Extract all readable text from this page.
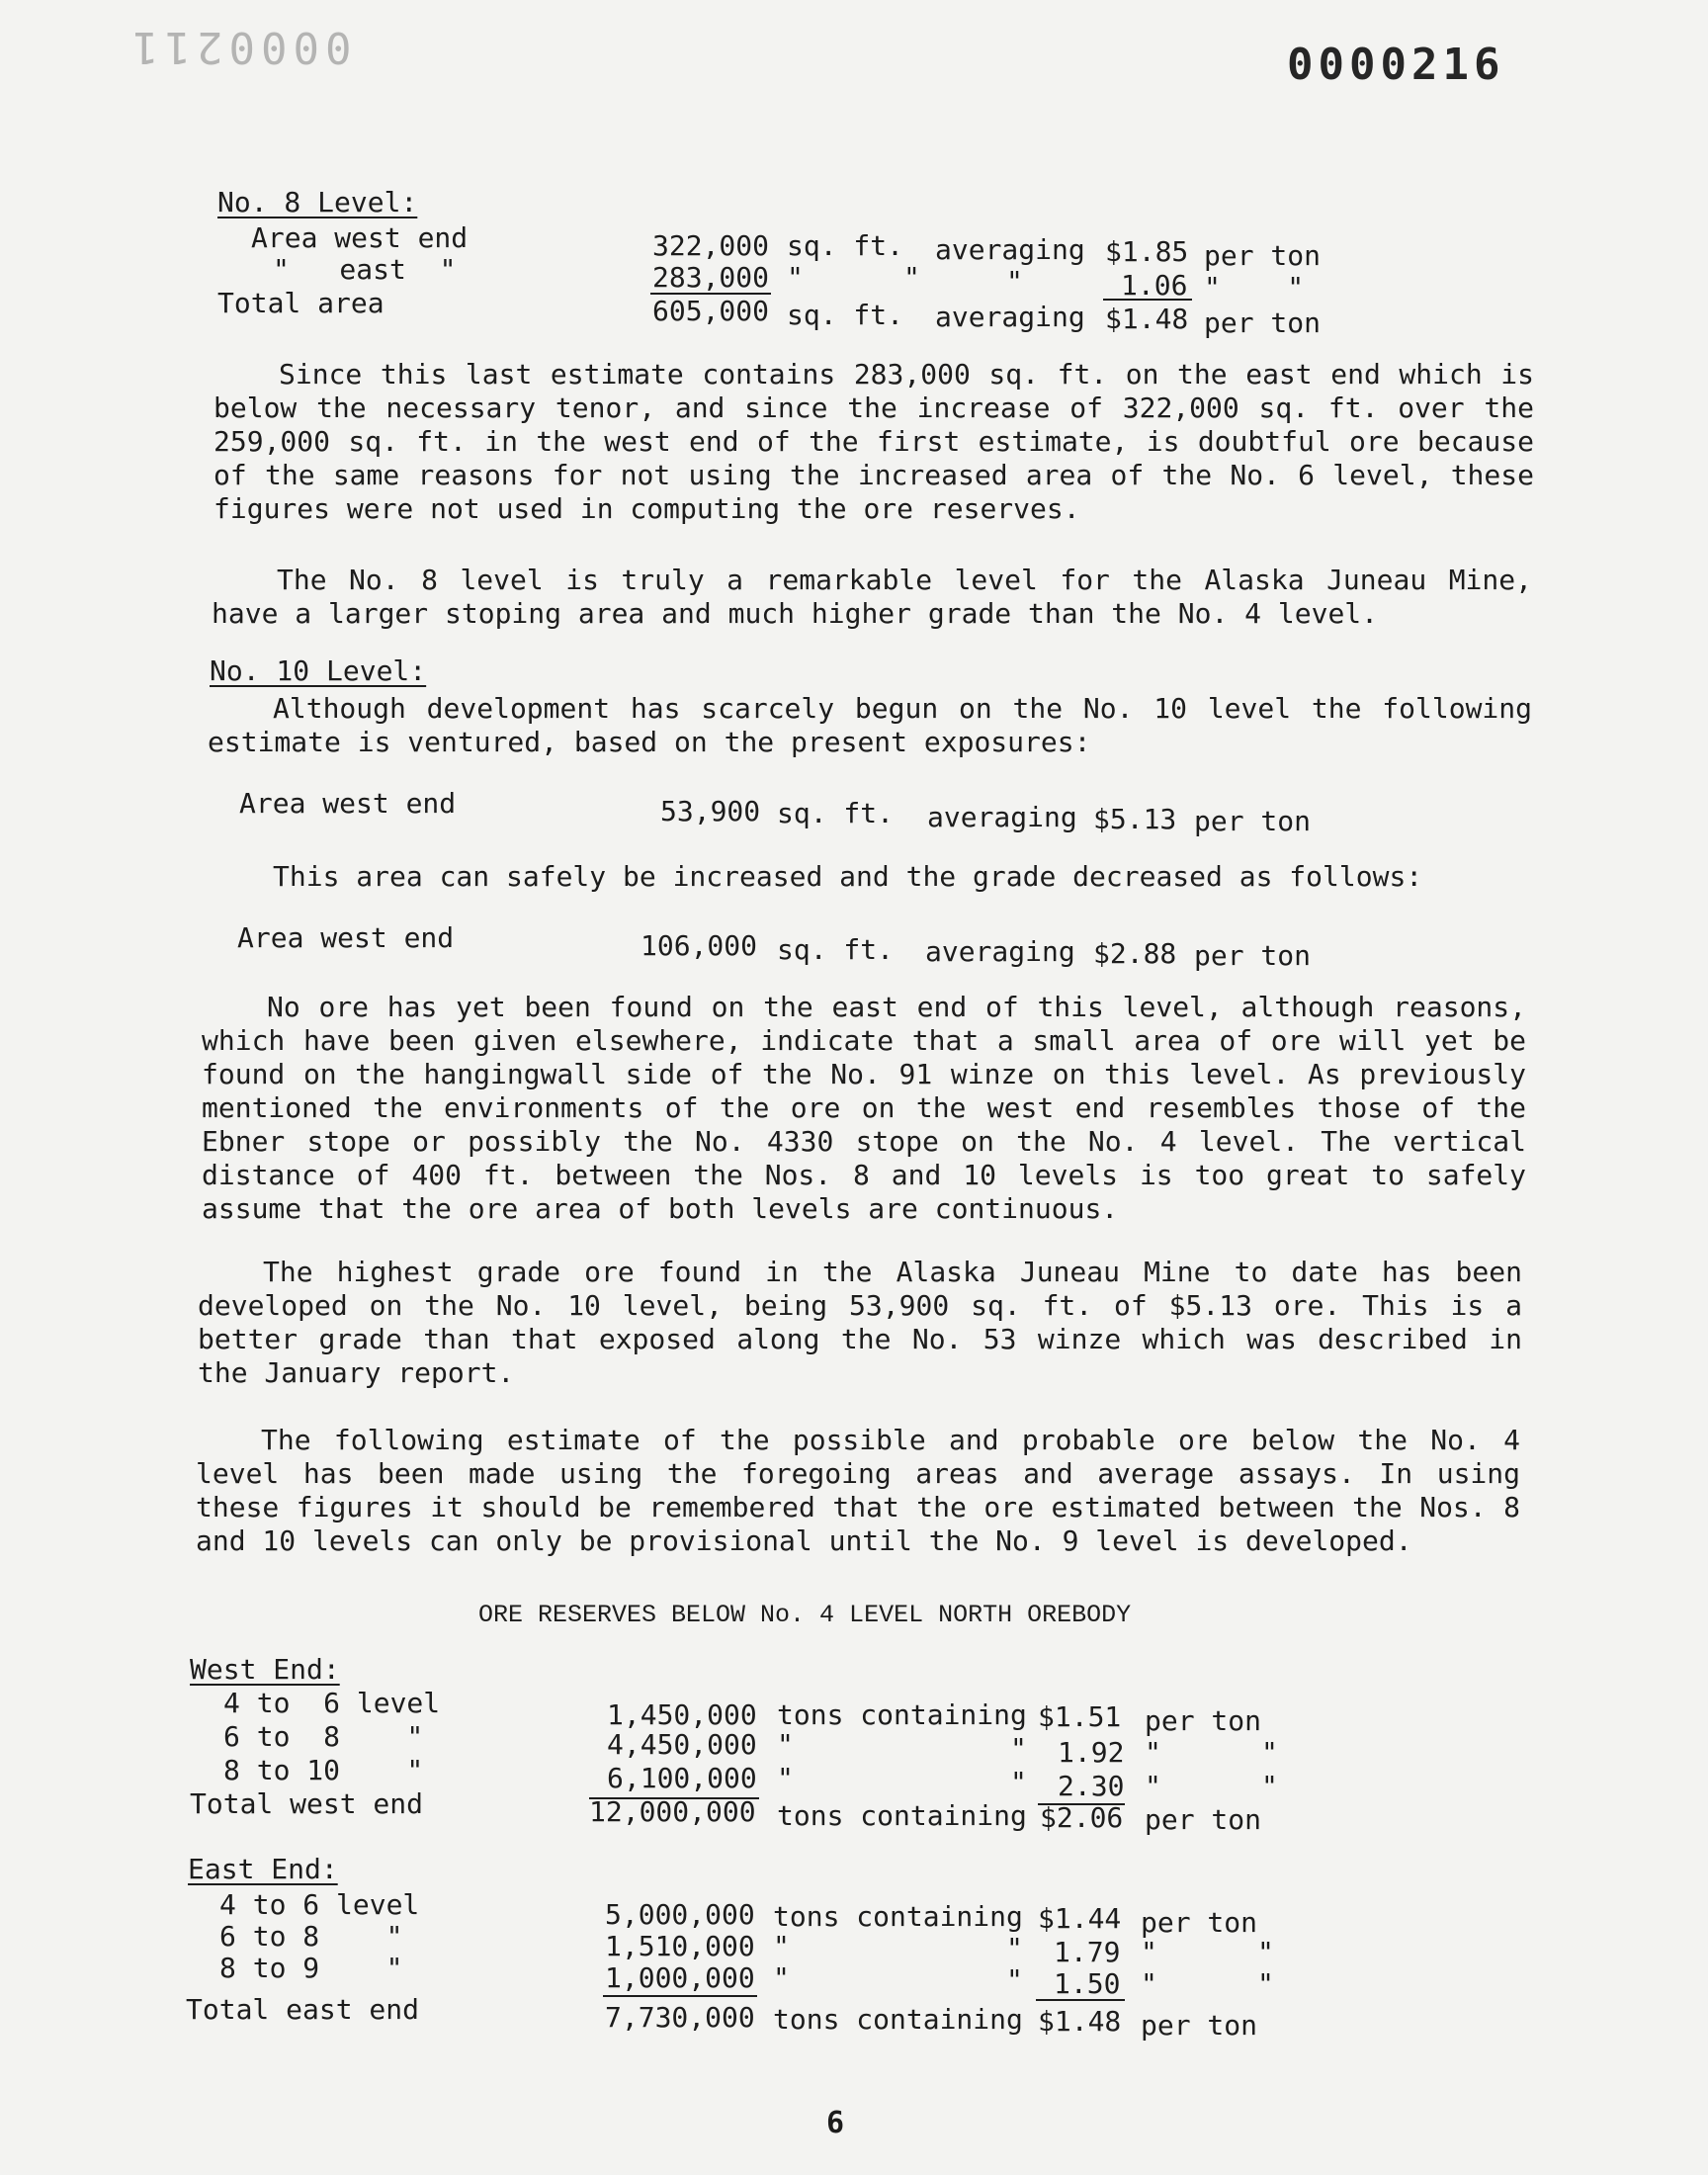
0000211	0000216
No. 8 Level:
Area west end	322,000 sq. ft. averaging $1.85 per ton
"   east  "	283,000 "      "	"	1.06 "    "
Total area	605,000 sq. ft. averaging $1.48 per ton
Since this last estimate contains 283,000 sq. ft. on the east end which is below the necessary tenor, and since the increase of 322,000 sq. ft. over the 259,000 sq. ft. in the west end of the first estimate, is doubtful ore because of the same reasons for not using the increased area of the No. 6 level, these figures were not used in computing the ore reserves.
The No. 8 level is truly a remarkable level for the Alaska Juneau Mine, have a larger stoping area and much higher grade than the No. 4 level.
No. 10 Level:
Although development has scarcely begun on the No. 10 level the following estimate is ventured, based on the present exposures:
Area west end	53,900 sq. ft. averaging $5.13 per ton
This area can safely be increased and the grade decreased as follows:
Area west end	106,000 sq. ft. averaging $2.88 per ton
No ore has yet been found on the east end of this level, although reasons, which have been given elsewhere, indicate that a small area of ore will yet be found on the hangingwall side of the No. 91 winze on this level. As previously mentioned the environments of the ore on the west end resembles those of the Ebner stope or possibly the No. 4330 stope on the No. 4 level. The vertical distance of 400 ft. between the Nos. 8 and 10 levels is too great to safely assume that the ore area of both levels are continuous.
The highest grade ore found in the Alaska Juneau Mine to date has been developed on the No. 10 level, being 53,900 sq. ft. of $5.13 ore. This is a better grade than that exposed along the No. 53 winze which was described in the January report.
The following estimate of the possible and probable ore below the No. 4 level has been made using the foregoing areas and average assays. In using these figures it should be remembered that the ore estimated between the Nos. 8 and 10 levels can only be provisional until the No. 9 level is developed.
ORE RESERVES BELOW No. 4 LEVEL NORTH OREBODY
West End:
4 to  6 level	1,450,000 tons containing $1.51 per ton
6 to  8    "	4,450,000 "	" 1.92 "      "
8 to 10    "	6,100,000 "	" 2.30 "      "
Total west end	12,000,000 tons containing $2.06 per ton
East End:
4 to 6 level	5,000,000 tons containing $1.44 per ton
6 to 8    "	1,510,000 "	" 1.79 "      "
8 to 9    "	1,000,000 "	" 1.50 "      "
Total east end	7,730,000 tons containing $1.48 per ton
6
